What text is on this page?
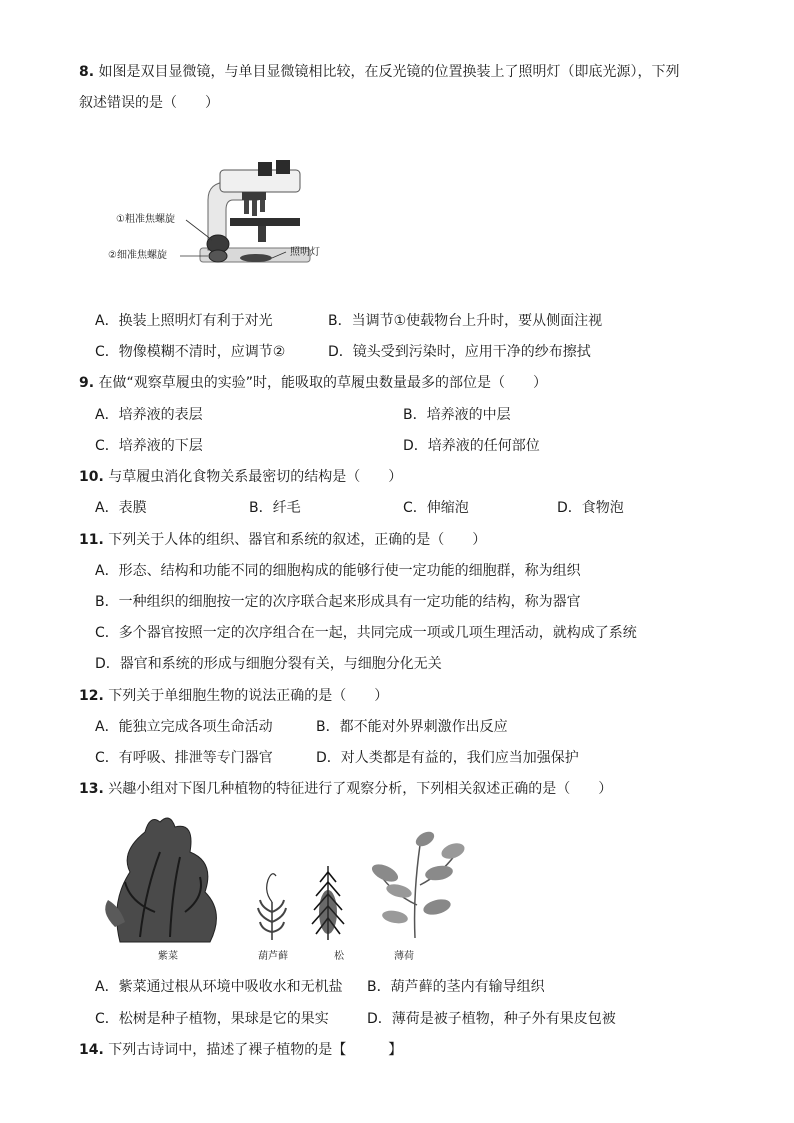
8. 如图是双目显微镜，与单目显微镜相比较，在反光镜的位置换装上了照明灯（即底光源），下列
叙述错误的是（　　）
①粗准焦螺旋
②细准焦螺旋	照明灯
A．换装上照明灯有利于对光	B．当调节①使载物台上升时，要从侧面注视
C．物像模糊不清时，应调节②	D．镜头受到污染时，应用干净的纱布擦拭
9. 在做“观察草履虫的实验”时，能吸取的草履虫数量最多的部位是（　　）
A．培养液的表层	B．培养液的中层
C．培养液的下层	D．培养液的任何部位
10. 与草履虫消化食物关系最密切的结构是（　　）
A．表膜	B．纤毛	C．伸缩泡	D．食物泡
11. 下列关于人体的组织、器官和系统的叙述，正确的是（　　）
A．形态、结构和功能不同的细胞构成的能够行使一定功能的细胞群，称为组织
B．一种组织的细胞按一定的次序联合起来形成具有一定功能的结构，称为器官
C．多个器官按照一定的次序组合在一起，共同完成一项或几项生理活动，就构成了系统
D．器官和系统的形成与细胞分裂有关，与细胞分化无关
12. 下列关于单细胞生物的说法正确的是（　　）
A．能独立完成各项生命活动	B．都不能对外界刺激作出反应
C．有呼吸、排泄等专门器官	D．对人类都是有益的，我们应当加强保护
13. 兴趣小组对下图几种植物的特征进行了观察分析，下列相关叙述正确的是（　　）
紫菜	葫芦藓	松	薄荷
A．紫菜通过根从环境中吸收水和无机盐 B．葫芦藓的茎内有输导组织
C．松树是种子植物，果球是它的果实	D．薄荷是被子植物，种子外有果皮包被
14. 下列古诗词中，描述了裸子植物的是【　　　】
